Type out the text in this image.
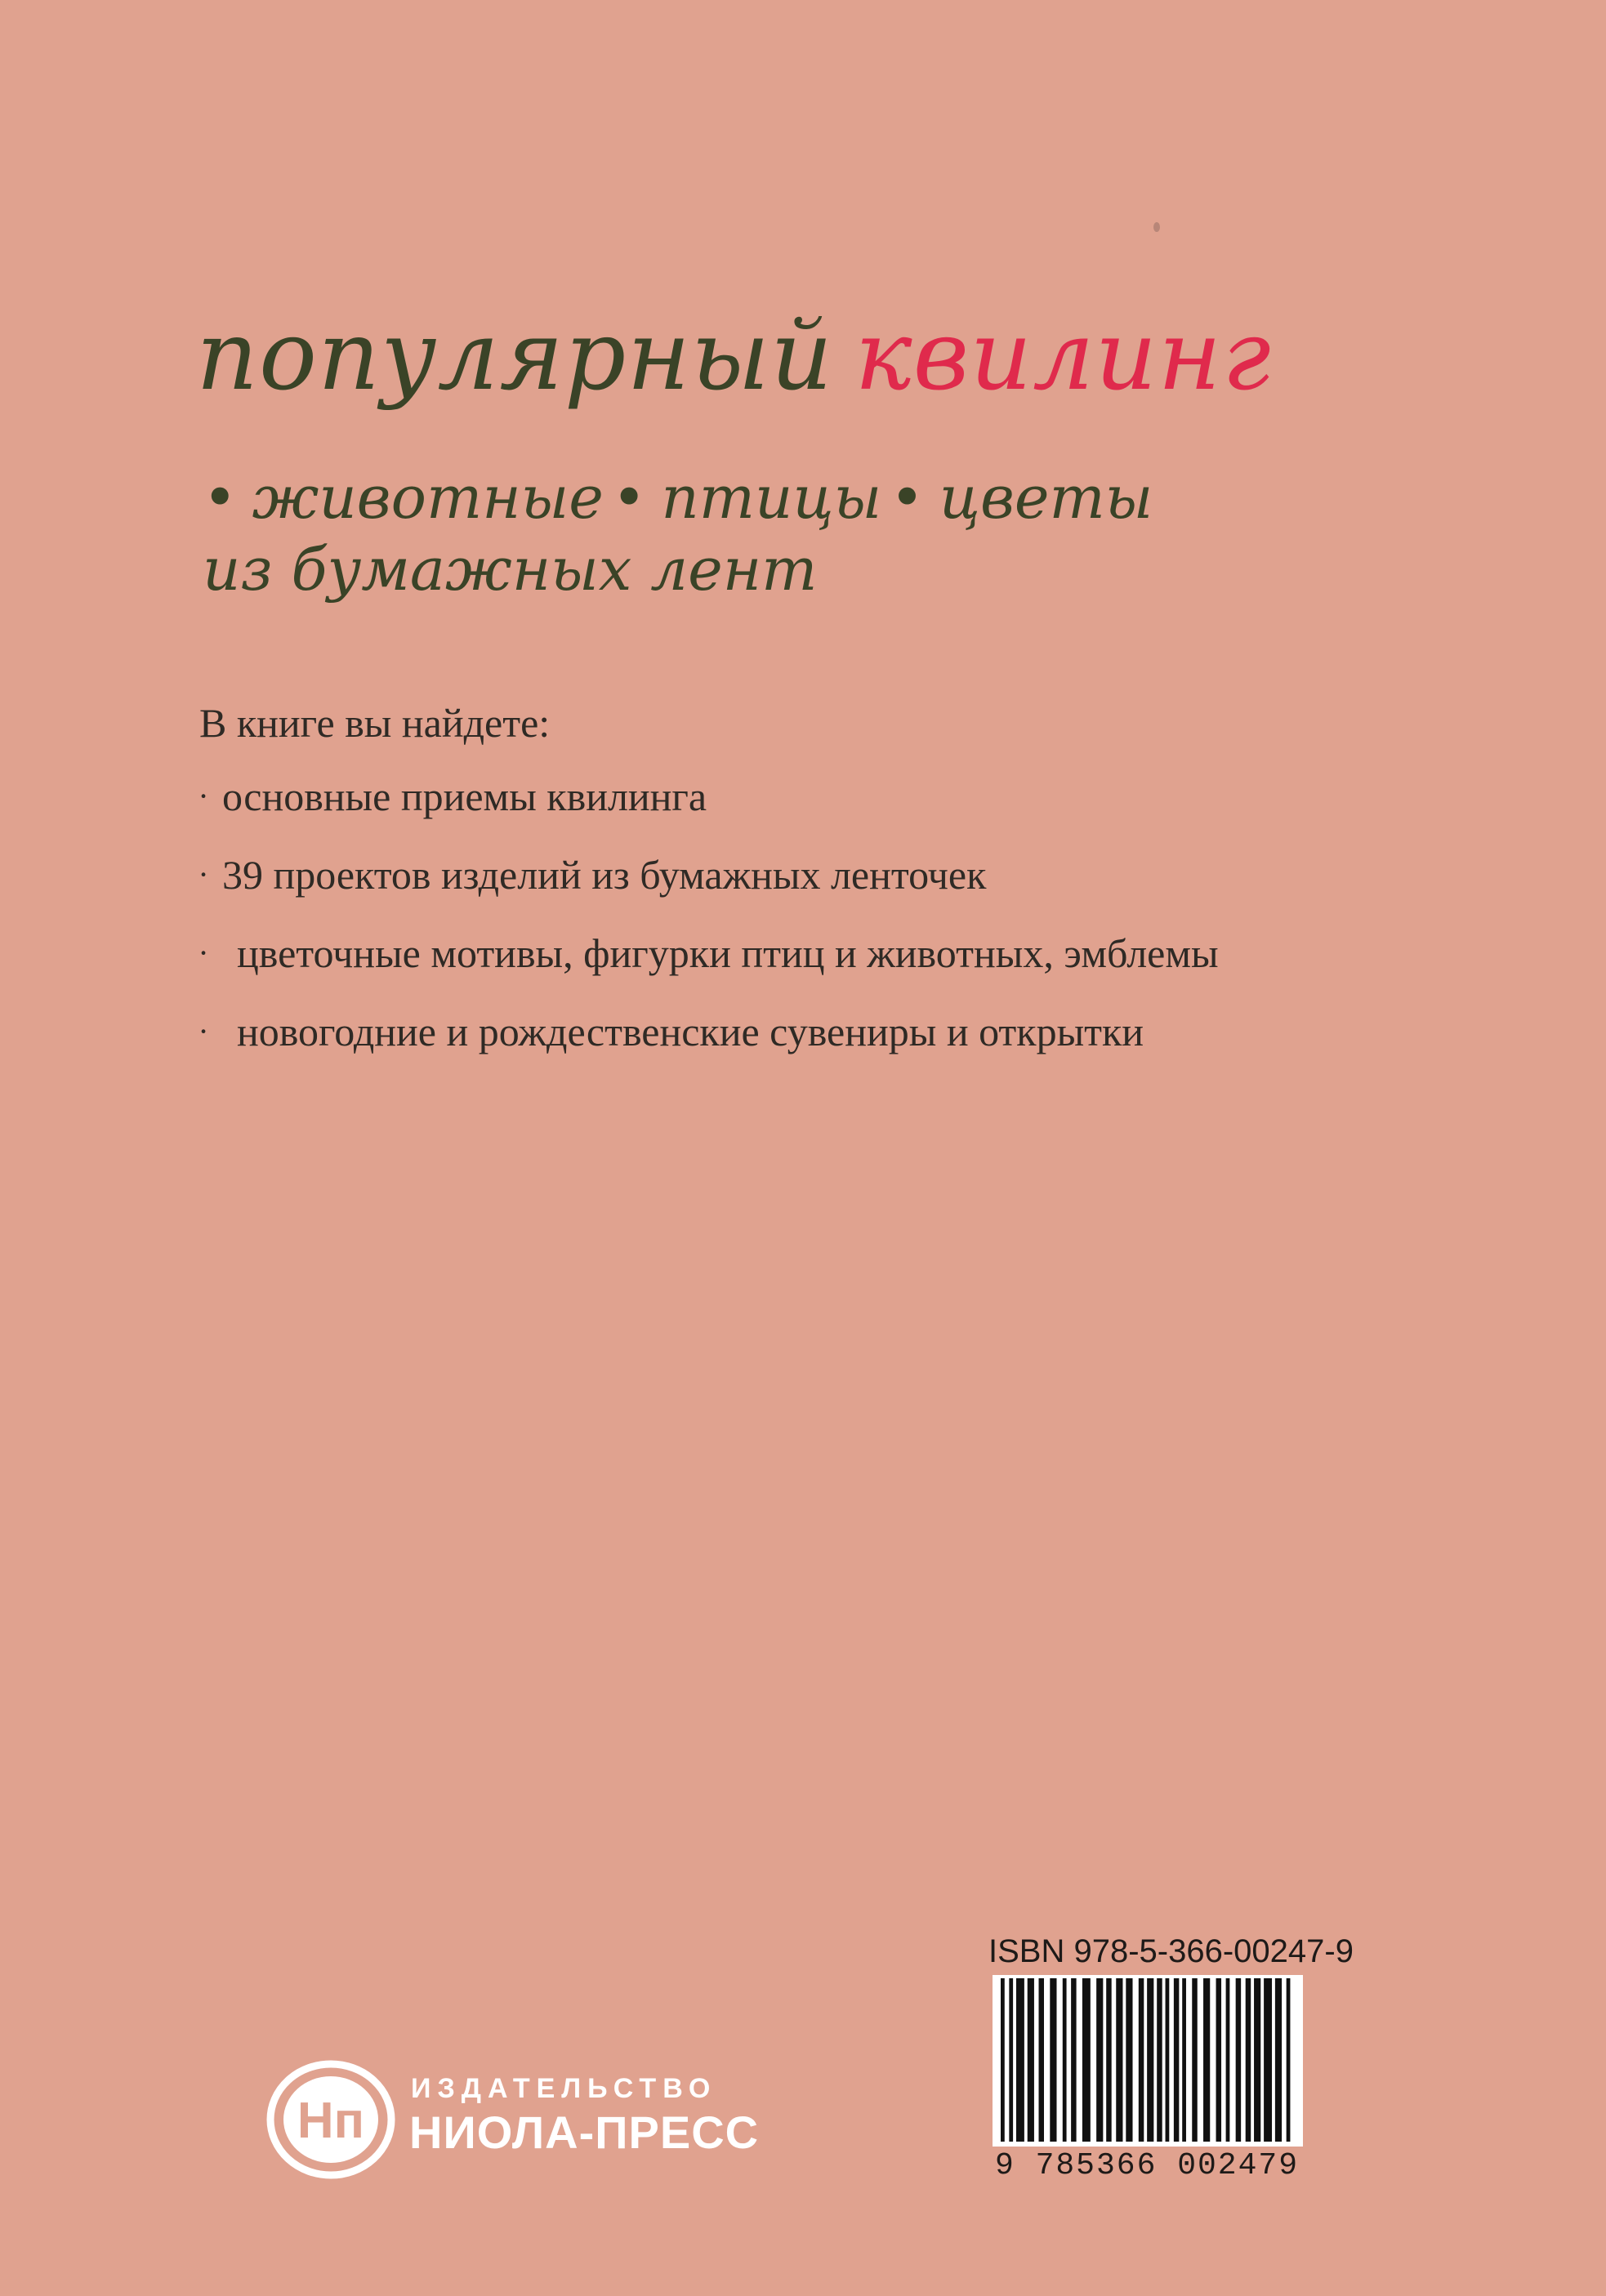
популярный квилинг
• животные • птицы • цветы
из бумажных лент
В книге вы найдете:
· основные приемы квилинга
· 39 проектов изделий из бумажных ленточек
· цветочные мотивы, фигурки птиц и животных, эмблемы
· новогодние и рождественские сувениры и открытки
Нп
ИЗДАТЕЛЬСТВО
НИОЛА-ПРЕСС
ISBN 978-5-366-00247-9
9 785366 002479
